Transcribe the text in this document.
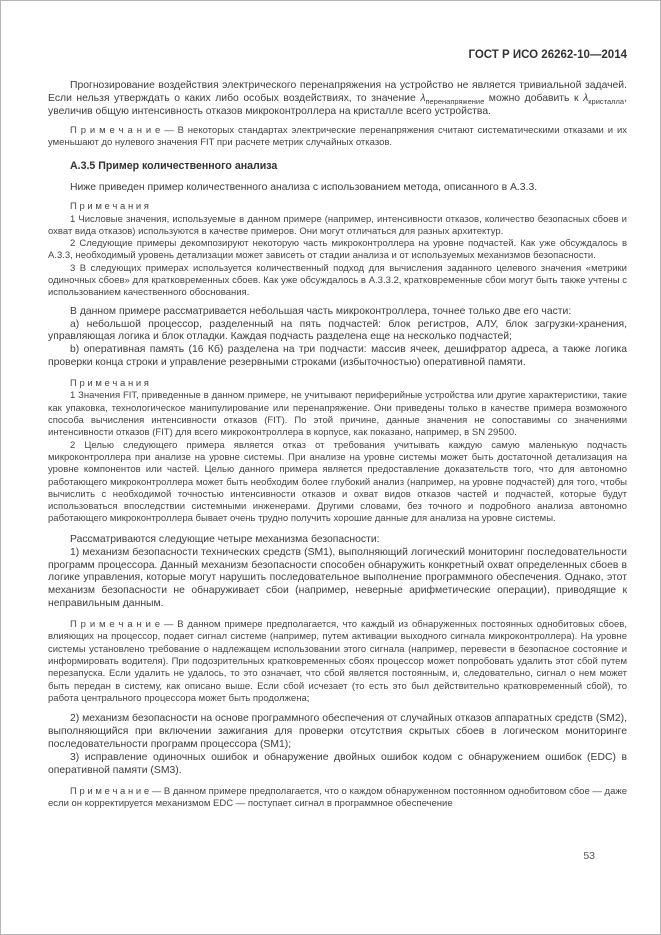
ГОСТ Р ИСО 26262-10—2014

Прогнозирование воздействия электрического перенапряжения на устройство не является тривиальной задачей. Если нельзя утверждать о каких либо особых воздействиях, то значение $\lambda_{перенапряжение}$ можно добавить к $\lambda_{кристалла}$, увеличив общую интенсивность отказов микроконтроллера на кристалле всего устройства.

П р и м е ч а н и е — В некоторых стандартах электрические перенапряжения считают систематическими отказами и их уменьшают до нулевого значения FIT при расчете метрик случайных отказов.

А.3.5 Пример количественного анализа

Ниже приведен пример количественного анализа с использованием метода, описанного в А.3.3.

П р и м е ч а н и я

1 Числовые значения, используемые в данном примере (например, интенсивности отказов, количество безопасных сбоев и охват вида отказов) используются в качестве примеров. Они могут отличаться для разных архитектур.

2 Следующие примеры декомпозируют некоторую часть микроконтроллера на уровне подчастей. Как уже обсуждалось в А.3.3, необходимый уровень детализации может зависеть от стадии анализа и от используемых механизмов безопасности.

3 В следующих примерах используется количественный подход для вычисления заданного целевого значения «метрики одиночных сбоев» для кратковременных сбоев. Как уже обсуждалось в А.3.3.2, кратковременные сбои могут быть также учтены с использованием качественного обоснования.

В данном примере рассматривается небольшая часть микроконтроллера, точнее только две его части:

а) небольшой процессор, разделенный на пять подчастей: блок регистров, АЛУ, блок загрузки-хранения, управляющая логика и блок отладки. Каждая подчасть разделена еще на несколько подчастей;

b) оперативная память (16 Кб) разделена на три подчасти: массив ячеек, дешифратор адреса, а также логика проверки конца строки и управление резервными строками (избыточностью) оперативной памяти.

П р и м е ч а н и я

1 Значения FIT, приведенные в данном примере, не учитывают периферийные устройства или другие характеристики, такие как упаковка, технологическое манипулирование или перенапряжение. Они приведены только в качестве примера возможного способа вычисления интенсивности отказов (FIT). По этой причине, данные значения не сопоставимы со значениями интенсивности отказов (FIT) для всего микроконтроллера в корпусе, как показано, например, в SN 29500.

2 Целью следующего примера является отказ от требования учитывать каждую самую маленькую подчасть микроконтроллера при анализе на уровне системы. При анализе на уровне системы может быть достаточной детализация на уровне компонентов или частей. Целью данного примера является предоставление доказательств того, что для автономно работающего микроконтроллера может быть необходим более глубокий анализ (например, на уровне подчастей) для того, чтобы вычислить с необходимой точностью интенсивности отказов и охват видов отказов частей и подчастей, которые будут использоваться впоследствии системными инженерами. Другими словами, без точного и подробного анализа автономно работающего микроконтроллера бывает очень трудно получить хорошие данные для анализа на уровне системы.

Рассматриваются следующие четыре механизма безопасности:

1) механизм безопасности технических средств (SM1), выполняющий логический мониторинг последовательности программ процессора. Данный механизм безопасности способен обнаружить конкретный охват определенных сбоев в логике управления, которые могут нарушить последовательное выполнение программного обеспечения. Однако, этот механизм безопасности не обнаруживает сбои (например, неверные арифметические операции), приводящие к неправильным данным.

П р и м е ч а н и е — В данном примере предполагается, что каждый из обнаруженных постоянных однобитовых сбоев, влияющих на процессор, подает сигнал системе (например, путем активации выходного сигнала микроконтроллера). На уровне системы установлено требование о надлежащем использовании этого сигнала (например, перевести в безопасное состояние и информировать водителя). При подозрительных кратковременных сбоях процессор может попробовать удалить этот сбой путем перезапуска. Если удалить не удалось, то это означает, что сбой является постоянным, и, следовательно, сигнал о нем может быть передан в систему, как описано выше. Если сбой исчезает (то есть это был действительно кратковременный сбой), то работа центрального процессора может быть продолжена;

2) механизм безопасности на основе программного обеспечения от случайных отказов аппаратных средств (SM2), выполняющийся при включении зажигания для проверки отсутствия скрытых сбоев в логическом мониторинге последовательности программ процессора (SM1);

3) исправление одиночных ошибок и обнаружение двойных ошибок кодом с обнаружением ошибок (EDC) в оперативной памяти (SM3).

П р и м е ч а н и е — В данном примере предполагается, что о каждом обнаруженном постоянном однобитовом сбое — даже если он корректируется механизмом EDC — поступает сигнал в программное обеспечение

53
